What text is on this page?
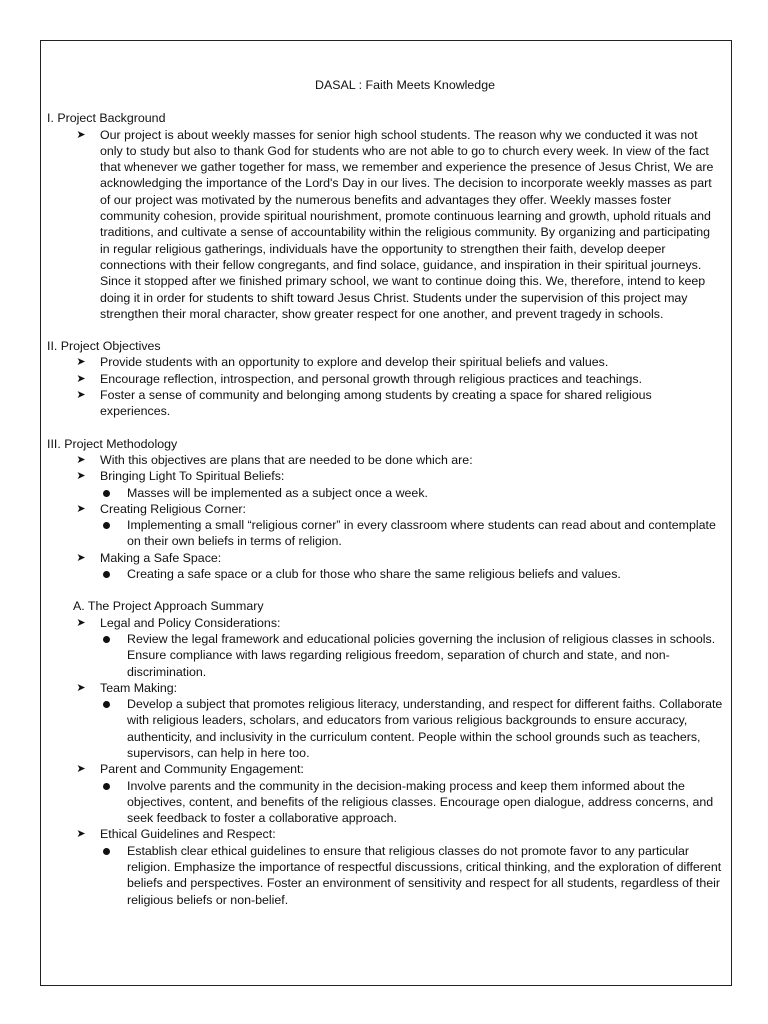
DASAL : Faith Meets Knowledge
I. Project Background
➤ Our project is about weekly masses for senior high school students. The reason why we conducted it was not only to study but also to thank God for students who are not able to go to church every week. In view of the fact that whenever we gather together for mass, we remember and experience the presence of Jesus Christ, We are acknowledging the importance of the Lord's Day in our lives. The decision to incorporate weekly masses as part of our project was motivated by the numerous benefits and advantages they offer. Weekly masses foster community cohesion, provide spiritual nourishment, promote continuous learning and growth, uphold rituals and traditions, and cultivate a sense of accountability within the religious community. By organizing and participating in regular religious gatherings, individuals have the opportunity to strengthen their faith, develop deeper connections with their fellow congregants, and find solace, guidance, and inspiration in their spiritual journeys. Since it stopped after we finished primary school, we want to continue doing this. We, therefore, intend to keep doing it in order for students to shift toward Jesus Christ. Students under the supervision of this project may strengthen their moral character, show greater respect for one another, and prevent tragedy in schools.
II. Project Objectives
➤ Provide students with an opportunity to explore and develop their spiritual beliefs and values.
➤ Encourage reflection, introspection, and personal growth through religious practices and teachings.
➤ Foster a sense of community and belonging among students by creating a space for shared religious experiences.
III. Project Methodology
➤ With this objectives are plans that are needed to be done which are:
➤ Bringing Light To Spiritual Beliefs:
Masses will be implemented as a subject once a week.
➤ Creating Religious Corner:
Implementing a small “religious corner” in every classroom where students can read about and contemplate on their own beliefs in terms of religion.
➤ Making a Safe Space:
Creating a safe space or a club for those who share the same religious beliefs and values.
A. The Project Approach Summary
➤ Legal and Policy Considerations:
Review the legal framework and educational policies governing the inclusion of religious classes in schools. Ensure compliance with laws regarding religious freedom, separation of church and state, and non-discrimination.
➤ Team Making:
Develop a subject that promotes religious literacy, understanding, and respect for different faiths. Collaborate with religious leaders, scholars, and educators from various religious backgrounds to ensure accuracy, authenticity, and inclusivity in the curriculum content. People within the school grounds such as teachers, supervisors, can help in here too.
➤ Parent and Community Engagement:
Involve parents and the community in the decision-making process and keep them informed about the objectives, content, and benefits of the religious classes. Encourage open dialogue, address concerns, and seek feedback to foster a collaborative approach.
➤ Ethical Guidelines and Respect:
Establish clear ethical guidelines to ensure that religious classes do not promote favor to any particular religion. Emphasize the importance of respectful discussions, critical thinking, and the exploration of different beliefs and perspectives. Foster an environment of sensitivity and respect for all students, regardless of their religious beliefs or non-belief.
